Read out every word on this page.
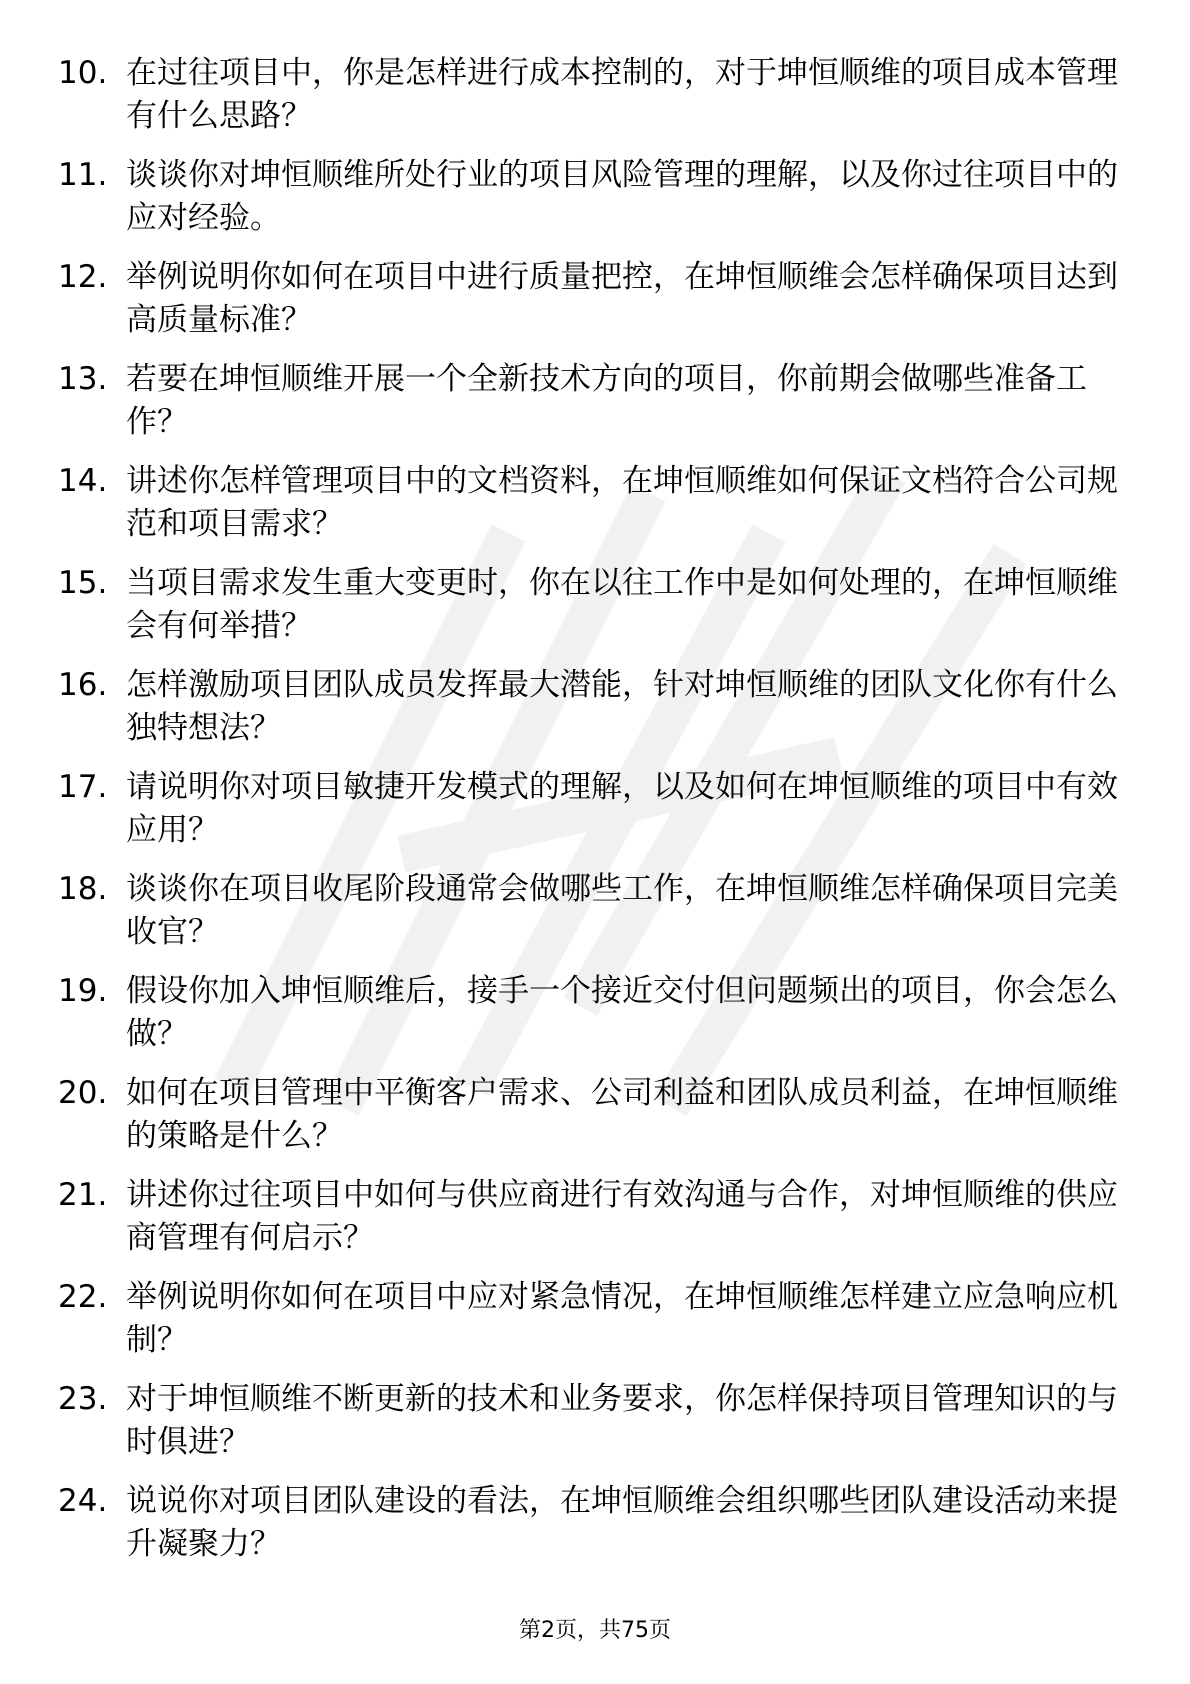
10. 在过往项目中，你是怎样进行成本控制的，对于坤恒顺维的项目成本管理有什么思路？
11. 谈谈你对坤恒顺维所处行业的项目风险管理的理解，以及你过往项目中的应对经验。
12. 举例说明你如何在项目中进行质量把控，在坤恒顺维会怎样确保项目达到高质量标准？
13. 若要在坤恒顺维开展一个全新技术方向的项目，你前期会做哪些准备工作？
14. 讲述你怎样管理项目中的文档资料，在坤恒顺维如何保证文档符合公司规范和项目需求？
15. 当项目需求发生重大变更时，你在以往工作中是如何处理的，在坤恒顺维会有何举措？
16. 怎样激励项目团队成员发挥最大潜能，针对坤恒顺维的团队文化你有什么独特想法？
17. 请说明你对项目敏捷开发模式的理解，以及如何在坤恒顺维的项目中有效应用？
18. 谈谈你在项目收尾阶段通常会做哪些工作，在坤恒顺维怎样确保项目完美收官？
19. 假设你加入坤恒顺维后，接手一个接近交付但问题频出的项目，你会怎么做？
20. 如何在项目管理中平衡客户需求、公司利益和团队成员利益，在坤恒顺维的策略是什么？
21. 讲述你过往项目中如何与供应商进行有效沟通与合作，对坤恒顺维的供应商管理有何启示？
22. 举例说明你如何在项目中应对紧急情况，在坤恒顺维怎样建立应急响应机制？
23. 对于坤恒顺维不断更新的技术和业务要求，你怎样保持项目管理知识的与时俱进？
24. 说说你对项目团队建设的看法，在坤恒顺维会组织哪些团队建设活动来提升凝聚力？
第2页，共75页
